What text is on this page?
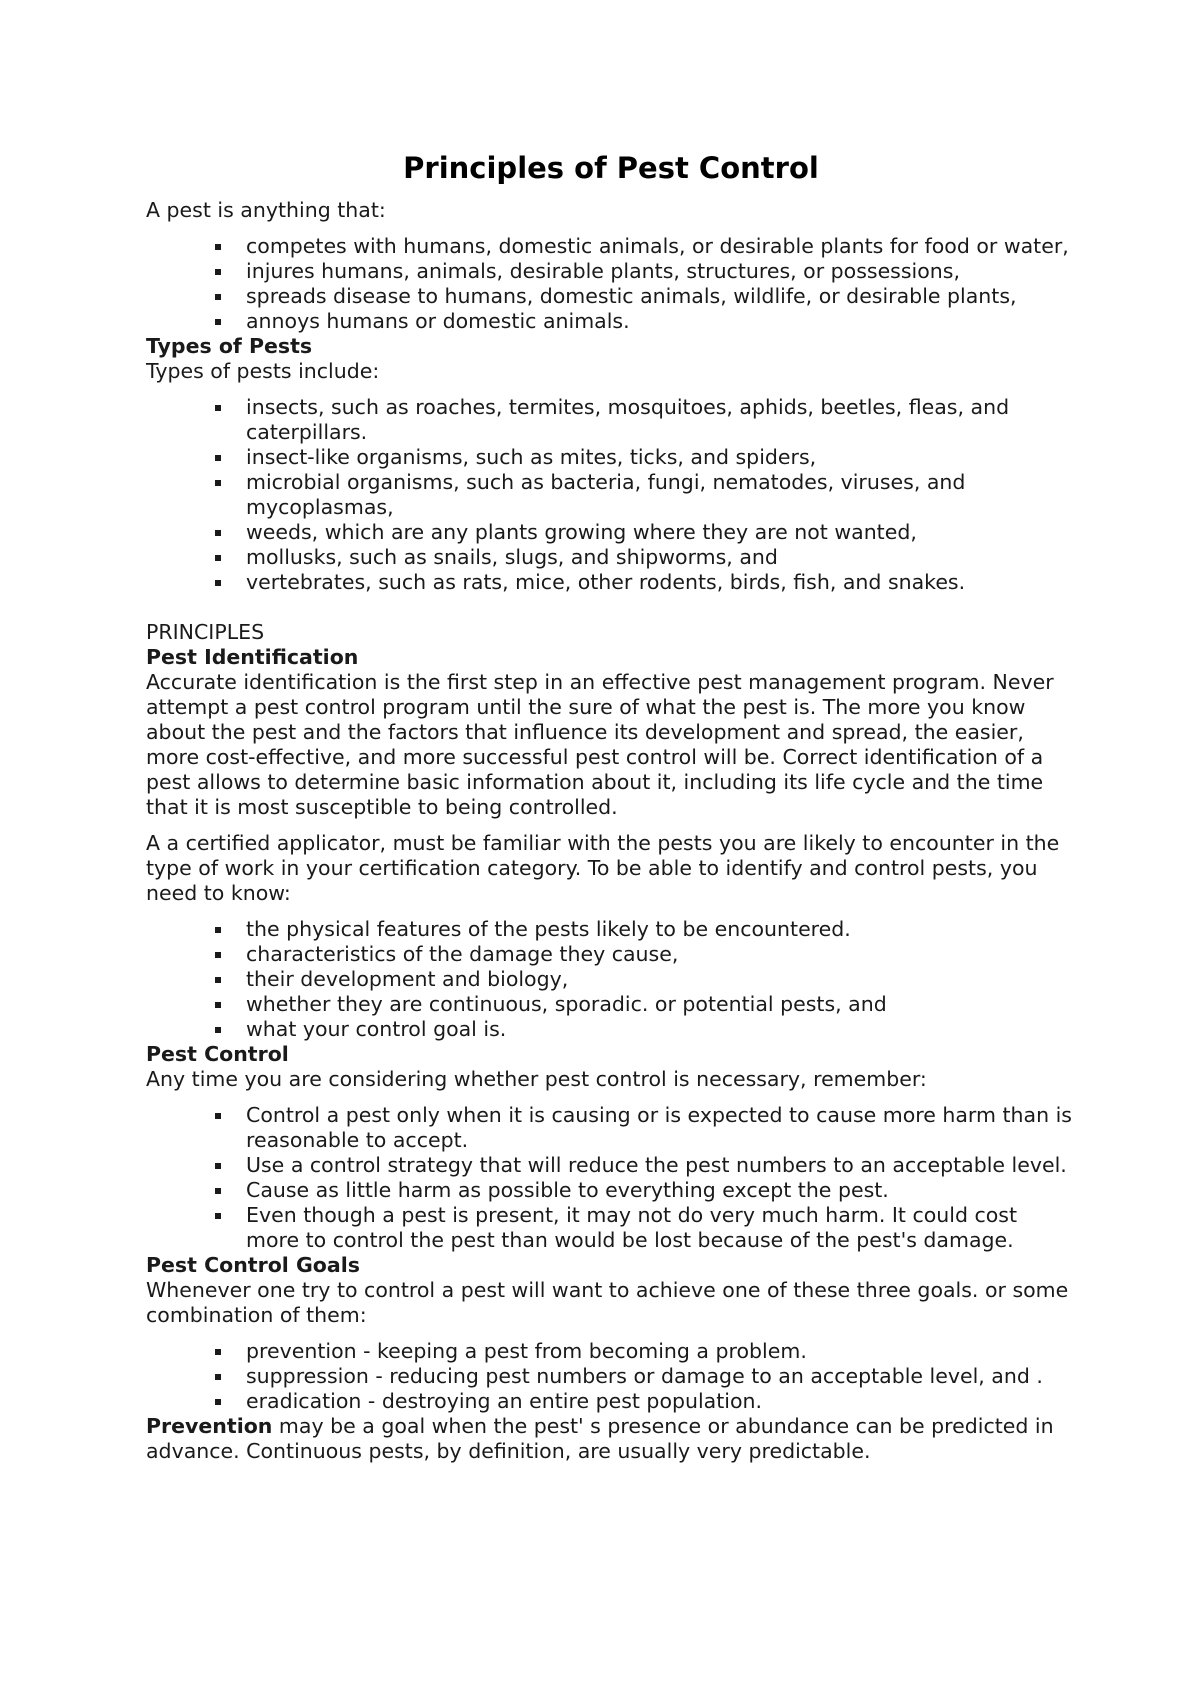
Principles of Pest Control

A pest is anything that:

competes with humans, domestic animals, or desirable plants for food or water,
injures humans, animals, desirable plants, structures, or possessions,
spreads disease to humans, domestic animals, wildlife, or desirable plants,
annoys humans or domestic animals.

Types of Pests

Types of pests include:

insects, such as roaches, termites, mosquitoes, aphids, beetles, fleas, and caterpillars.
insect-like organisms, such as mites, ticks, and spiders,
microbial organisms, such as bacteria, fungi, nematodes, viruses, and mycoplasmas,
weeds, which are any plants growing where they are not wanted,
mollusks, such as snails, slugs, and shipworms, and
vertebrates, such as rats, mice, other rodents, birds, fish, and snakes.

PRINCIPLES

Pest Identification

Accurate identification is the first step in an effective pest management program. Never attempt a pest control program until the sure of what the pest is. The more you know about the pest and the factors that influence its development and spread, the easier, more cost-effective, and more successful pest control will be. Correct identification of a pest allows to determine basic information about it, including its life cycle and the time that it is most susceptible to being controlled.

A a certified applicator, must be familiar with the pests you are likely to encounter in the type of work in your certification category. To be able to identify and control pests, you need to know:

the physical features of the pests likely to be encountered.
characteristics of the damage they cause,
their development and biology,
whether they are continuous, sporadic. or potential pests, and
what your control goal is.

Pest Control

Any time you are considering whether pest control is necessary, remember:

Control a pest only when it is causing or is expected to cause more harm than is reasonable to accept.
Use a control strategy that will reduce the pest numbers to an acceptable level.
Cause as little harm as possible to everything except the pest.
Even though a pest is present, it may not do very much harm. It could cost more to control the pest than would be lost because of the pest's damage.

Pest Control Goals

Whenever one try to control a pest will want to achieve one of these three goals. or some combination of them:

prevention - keeping a pest from becoming a problem.
suppression - reducing pest numbers or damage to an acceptable level, and .
eradication - destroying an entire pest population.

Prevention may be a goal when the pest' s presence or abundance can be predicted in advance. Continuous pests, by definition, are usually very predictable.
